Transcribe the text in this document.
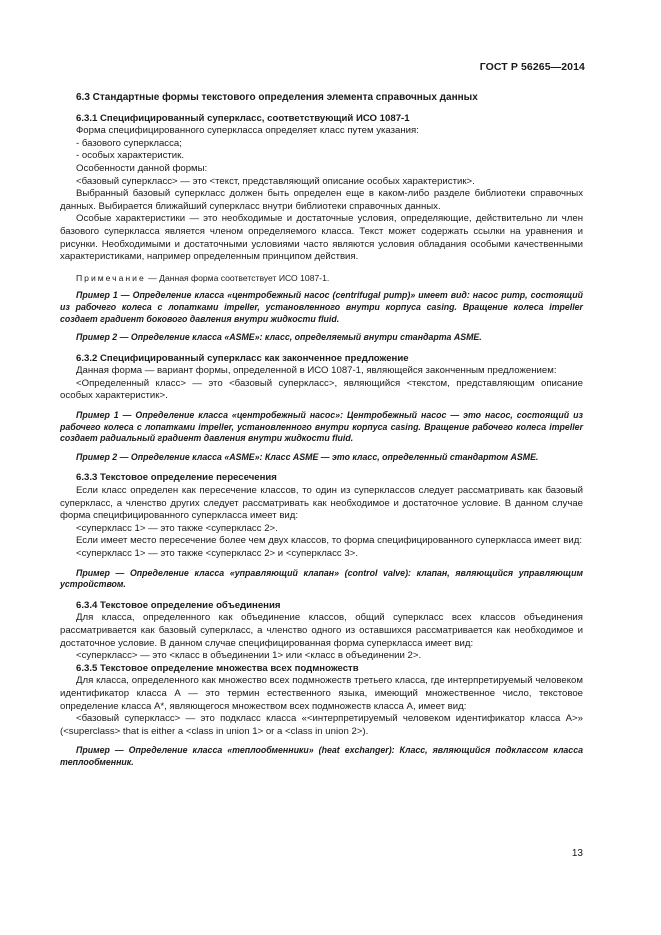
ГОСТ Р 56265—2014

6.3 Стандартные формы текстового определения элемента справочных данных

6.3.1 Специфицированный суперкласс, соответствующий ИСО 1087-1

Форма специфицированного суперкласса определяет класс путем указания:

- базового суперкласса;

- особых характеристик.

Особенности данной формы:

<базовый суперкласс> — это <текст, представляющий описание особых характеристик>.

Выбранный базовый суперкласс должен быть определен еще в каком-либо разделе библиотеки справочных данных. Выбирается ближайший суперкласс внутри библиотеки справочных данных.

Особые характеристики — это необходимые и достаточные условия, определяющие, действительно ли член базового суперкласса является членом определяемого класса. Текст может содержать ссылки на уравнения и рисунки. Необходимыми и достаточными условиями часто являются условия обладания особыми качественными характеристиками, например определенным принципом действия.

Примечание — Данная форма соответствует ИСО 1087-1.

Пример 1 — Определение класса «центробежный насос (centrifugal pump)» имеет вид: насос pump, состоящий из рабочего колеса с лопатками impeller, установленного внутри корпуса casing. Вращение колеса impeller создает градиент бокового давления внутри жидкости fluid.

Пример 2 — Определение класса «ASME»: класс, определяемый внутри стандарта ASME.

6.3.2 Специфицированный суперкласс как законченное предложение

Данная форма — вариант формы, определенной в ИСО 1087-1, являющейся законченным предложением:

<Определенный класс> — это <базовый суперкласс>, являющийся <текстом, представляющим описание особых характеристик>.

Пример 1 — Определение класса «центробежный насос»: Центробежный насос — это насос, состоящий из рабочего колеса с лопатками impeller, установленного внутри корпуса casing. Вращение рабочего колеса impeller создает радиальный градиент давления внутри жидкости fluid.

Пример 2 — Определение класса «ASME»: Класс ASME — это класс, определенный стандартом ASME.

6.3.3 Текстовое определение пересечения

Если класс определен как пересечение классов, то один из суперклассов следует рассматривать как базовый суперкласс, а членство других следует рассматривать как необходимое и достаточное условие. В данном случае форма специфицированного суперкласса имеет вид:

<суперкласс 1> — это также <суперкласс 2>.

Если имеет место пересечение более чем двух классов, то форма специфицированного суперкласса имеет вид:

<суперкласс 1> — это также <суперкласс 2> и <суперкласс 3>.

Пример — Определение класса «управляющий клапан» (control valve): клапан, являющийся управляющим устройством.

6.3.4 Текстовое определение объединения

Для класса, определенного как объединение классов, общий суперкласс всех классов объединения рассматривается как базовый суперкласс, а членство одного из оставшихся рассматривается как необходимое и достаточное условие. В данном случае специфицированная форма суперкласса имеет вид:

<суперкласс> — это <класс в объединении 1> или <класс в объединении 2>.

6.3.5 Текстовое определение множества всех подмножеств

Для класса, определенного как множество всех подмножеств третьего класса, где интерпретируемый человеком идентификатор класса А — это термин естественного языка, имеющий множественное число, текстовое определение класса А*, являющегося множеством всех подмножеств класса А, имеет вид:

<базовый суперкласс> — это подкласс класса «<интерпретируемый человеком идентификатор класса А>» (<superclass> that is either a <class in union 1> or a <class in union 2>).

Пример — Определение класса «теплообменники» (heat exchanger): Класс, являющийся подклассом класса теплообменник.

13
